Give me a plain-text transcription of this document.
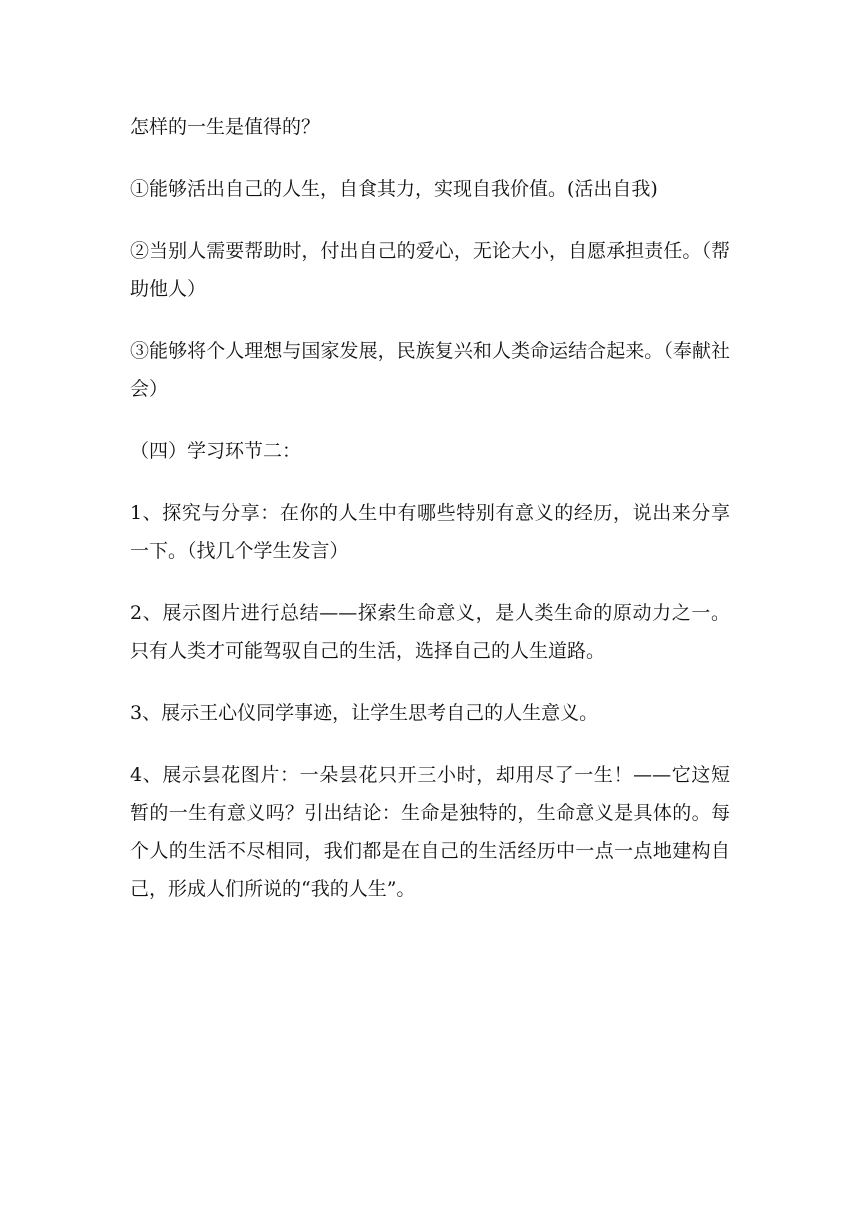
怎样的一生是值得的？

①能够活出自己的人生，自食其力，实现自我价值。(活出自我)

②当别人需要帮助时，付出自己的爱心，无论大小，自愿承担责任。（帮助他人）

③能够将个人理想与国家发展，民族复兴和人类命运结合起来。（奉献社会）

（四）学习环节二：

1、探究与分享：在你的人生中有哪些特别有意义的经历，说出来分享一下。（找几个学生发言）

2、展示图片进行总结——探索生命意义，是人类生命的原动力之一。只有人类才可能驾驭自己的生活，选择自己的人生道路。

3、展示王心仪同学事迹，让学生思考自己的人生意义。

4、展示昙花图片：一朵昙花只开三小时，却用尽了一生！——它这短暂的一生有意义吗？引出结论：生命是独特的，生命意义是具体的。每个人的生活不尽相同，我们都是在自己的生活经历中一点一点地建构自己，形成人们所说的“我的人生”。
